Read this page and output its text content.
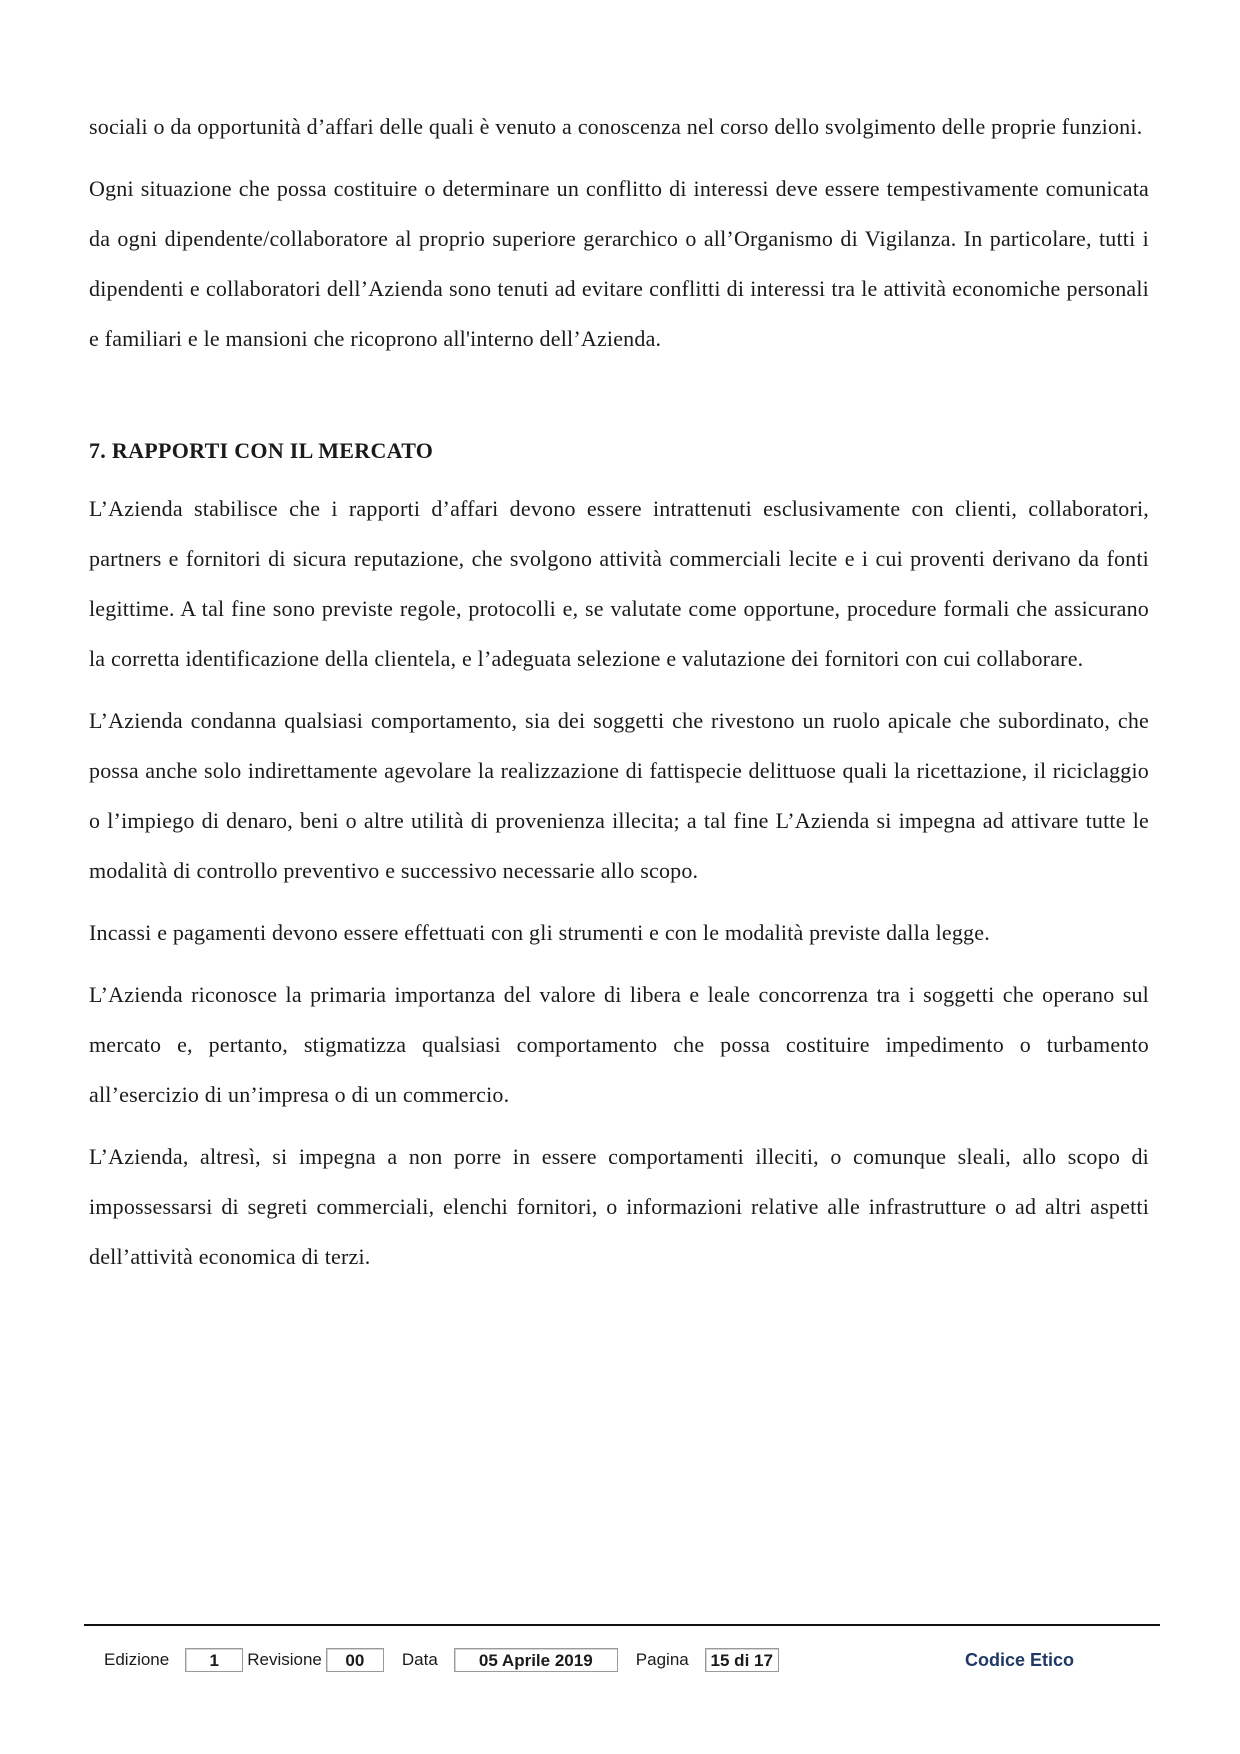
sociali o da opportunità d’affari delle quali è venuto a conoscenza nel corso dello svolgimento delle proprie funzioni.

Ogni situazione che possa costituire o determinare un conflitto di interessi deve essere tempestivamente comunicata da ogni dipendente/collaboratore al proprio superiore gerarchico o all’Organismo di Vigilanza. In particolare, tutti i dipendenti e collaboratori dell’Azienda sono tenuti ad evitare conflitti di interessi tra le attività economiche personali e familiari e le mansioni che ricoprono all'interno dell’Azienda.

7. RAPPORTI CON IL MERCATO

L’Azienda stabilisce che i rapporti d’affari devono essere intrattenuti esclusivamente con clienti, collaboratori, partners e fornitori di sicura reputazione, che svolgono attività commerciali lecite e i cui proventi derivano da fonti legittime. A tal fine sono previste regole, protocolli e, se valutate come opportune, procedure formali che assicurano la corretta identificazione della clientela, e l’adeguata selezione e valutazione dei fornitori con cui collaborare.

L’Azienda condanna qualsiasi comportamento, sia dei soggetti che rivestono un ruolo apicale che subordinato, che possa anche solo indirettamente agevolare la realizzazione di fattispecie delittuose quali la ricettazione, il riciclaggio o l’impiego di denaro, beni o altre utilità di provenienza illecita; a tal fine L’Azienda si impegna ad attivare tutte le modalità di controllo preventivo e successivo necessarie allo scopo.

Incassi e pagamenti devono essere effettuati con gli strumenti e con le modalità previste dalla legge.

L’Azienda riconosce la primaria importanza del valore di libera e leale concorrenza tra i soggetti che operano sul mercato e, pertanto, stigmatizza qualsiasi comportamento che possa costituire impedimento o turbamento all’esercizio di un’impresa o di un commercio.

L’Azienda, altresì, si impegna a non porre in essere comportamenti illeciti, o comunque sleali, allo scopo di impossessarsi di segreti commerciali, elenchi fornitori, o informazioni relative alle infrastrutture o ad altri aspetti dell’attività economica di terzi.

Edizione	1	Revisione	00	Data	05 Aprile 2019	Pagina	15 di 17	Codice Etico
